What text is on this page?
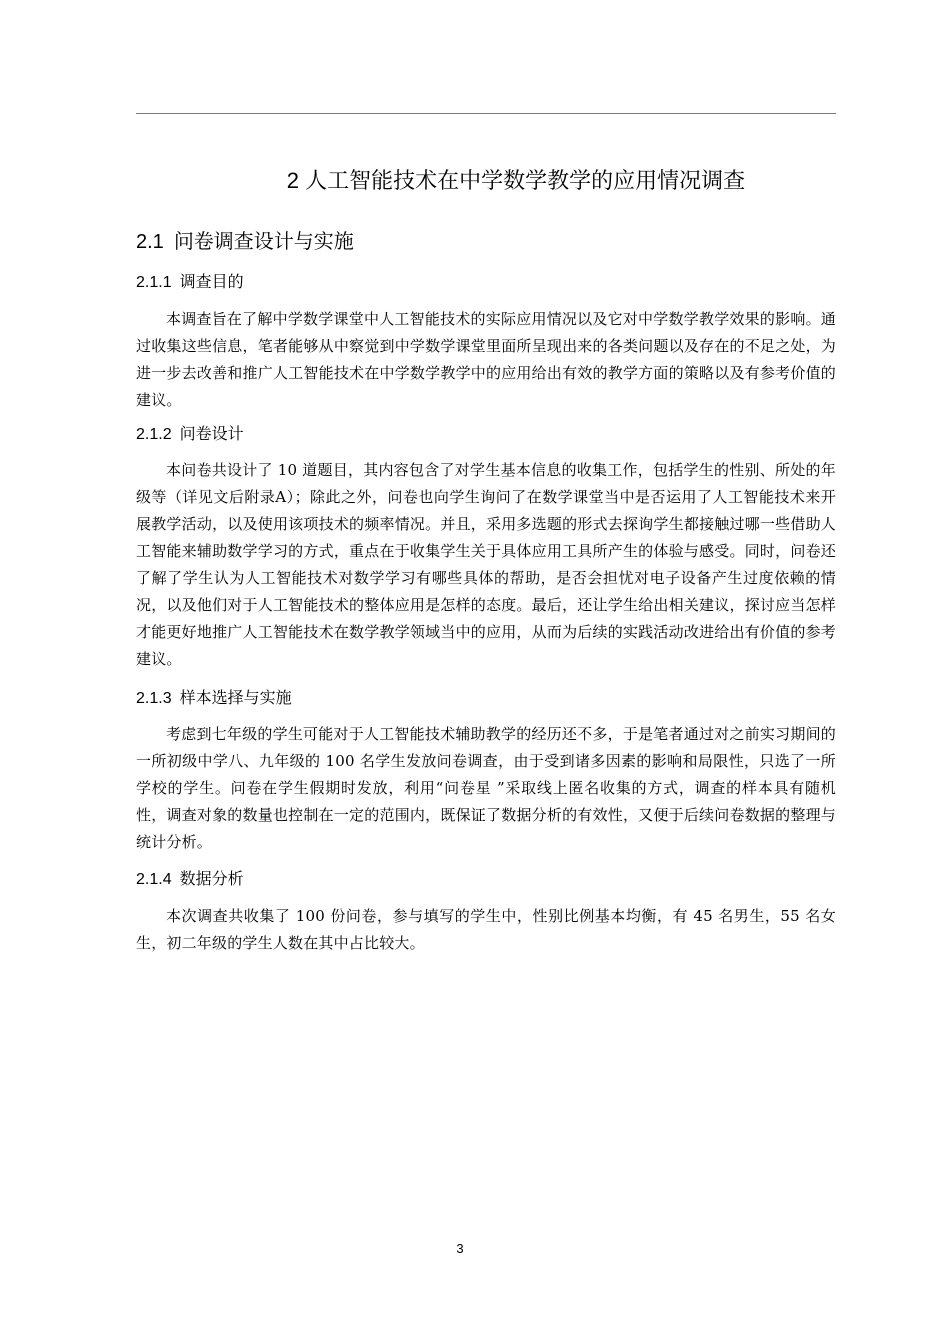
2 人工智能技术在中学数学教学的应用情况调查
2.1 问卷调查设计与实施
2.1.1 调查目的

本调查旨在了解中学数学课堂中人工智能技术的实际应用情况以及它对中学数学教学效果的影响。通过收集这些信息，笔者能够从中察觉到中学数学课堂里面所呈现出来的各类问题以及存在的不足之处，为进一步去改善和推广人工智能技术在中学数学教学中的应用给出有效的教学方面的策略以及有参考价值的建议。

2.1.2 问卷设计

本问卷共设计了 10 道题目，其内容包含了对学生基本信息的收集工作，包括学生的性别、所处的年级等（详见文后附录A）；除此之外，问卷也向学生询问了在数学课堂当中是否运用了人工智能技术来开展教学活动，以及使用该项技术的频率情况。并且，采用多选题的形式去探询学生都接触过哪一些借助人工智能来辅助数学学习的方式，重点在于收集学生关于具体应用工具所产生的体验与感受。同时，问卷还了解了学生认为人工智能技术对数学学习有哪些具体的帮助，是否会担忧对电子设备产生过度依赖的情况，以及他们对于人工智能技术的整体应用是怎样的态度。最后，还让学生给出相关建议，探讨应当怎样才能更好地推广人工智能技术在数学教学领域当中的应用，从而为后续的实践活动改进给出有价值的参考建议。

2.1.3 样本选择与实施

考虑到七年级的学生可能对于人工智能技术辅助教学的经历还不多，于是笔者通过对之前实习期间的一所初级中学八、九年级的 100 名学生发放问卷调查，由于受到诸多因素的影响和局限性，只选了一所学校的学生。问卷在学生假期时发放，利用“问卷星 ”采取线上匿名收集的方式，调查的样本具有随机性，调查对象的数量也控制在一定的范围内，既保证了数据分析的有效性，又便于后续问卷数据的整理与统计分析。

2.1.4 数据分析

本次调查共收集了 100 份问卷，参与填写的学生中，性别比例基本均衡，有 45 名男生，55 名女生，初二年级的学生人数在其中占比较大。

3
